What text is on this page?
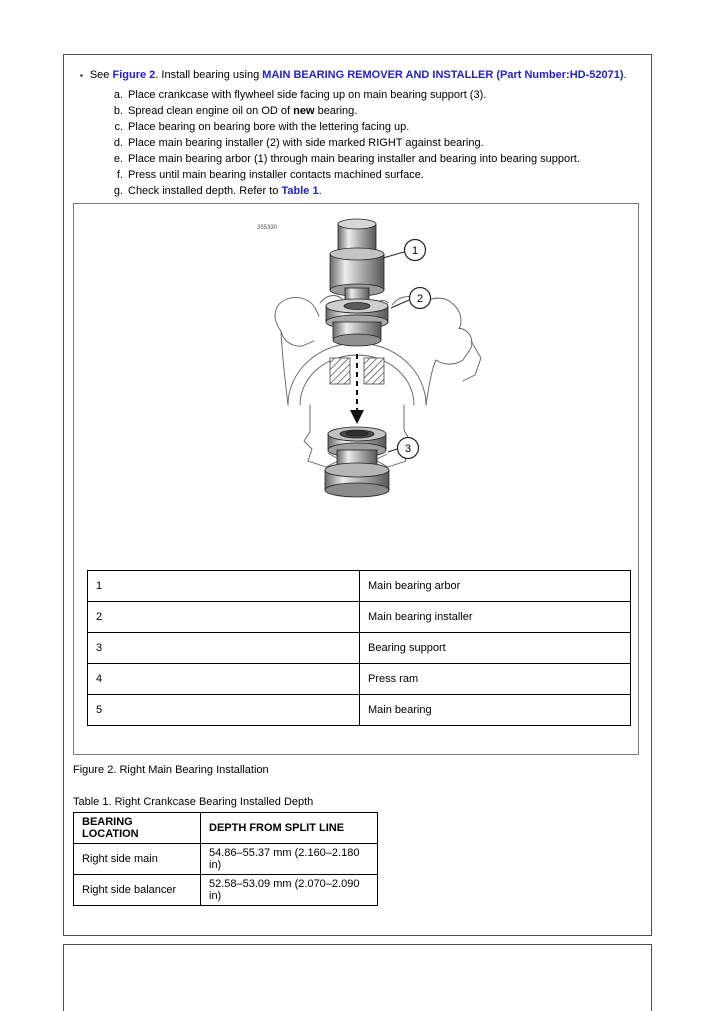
▪ See Figure 2. Install bearing using MAIN BEARING REMOVER AND INSTALLER (Part Number:HD-52071).

a. Place crankcase with flywheel side facing up on main bearing support (3).
b. Spread clean engine oil on OD of new bearing.
c. Place bearing on bearing bore with the lettering facing up.
d. Place main bearing installer (2) with side marked RIGHT against bearing.
e. Place main bearing arbor (1) through main bearing installer and bearing into bearing support.
f. Press until main bearing installer contacts machined surface.
g. Check installed depth. Refer to Table 1.
355330
1
2
3
1	Main bearing arbor
2	Main bearing installer
3	Bearing support
4	Press ram
5	Main bearing
Figure 2. Right Main Bearing Installation
Table 1. Right Crankcase Bearing Installed Depth
BEARING LOCATION	DEPTH FROM SPLIT LINE
Right side main	54.86–55.37 mm (2.160–2.180 in)
Right side balancer	52.58–53.09 mm (2.070–2.090 in)
